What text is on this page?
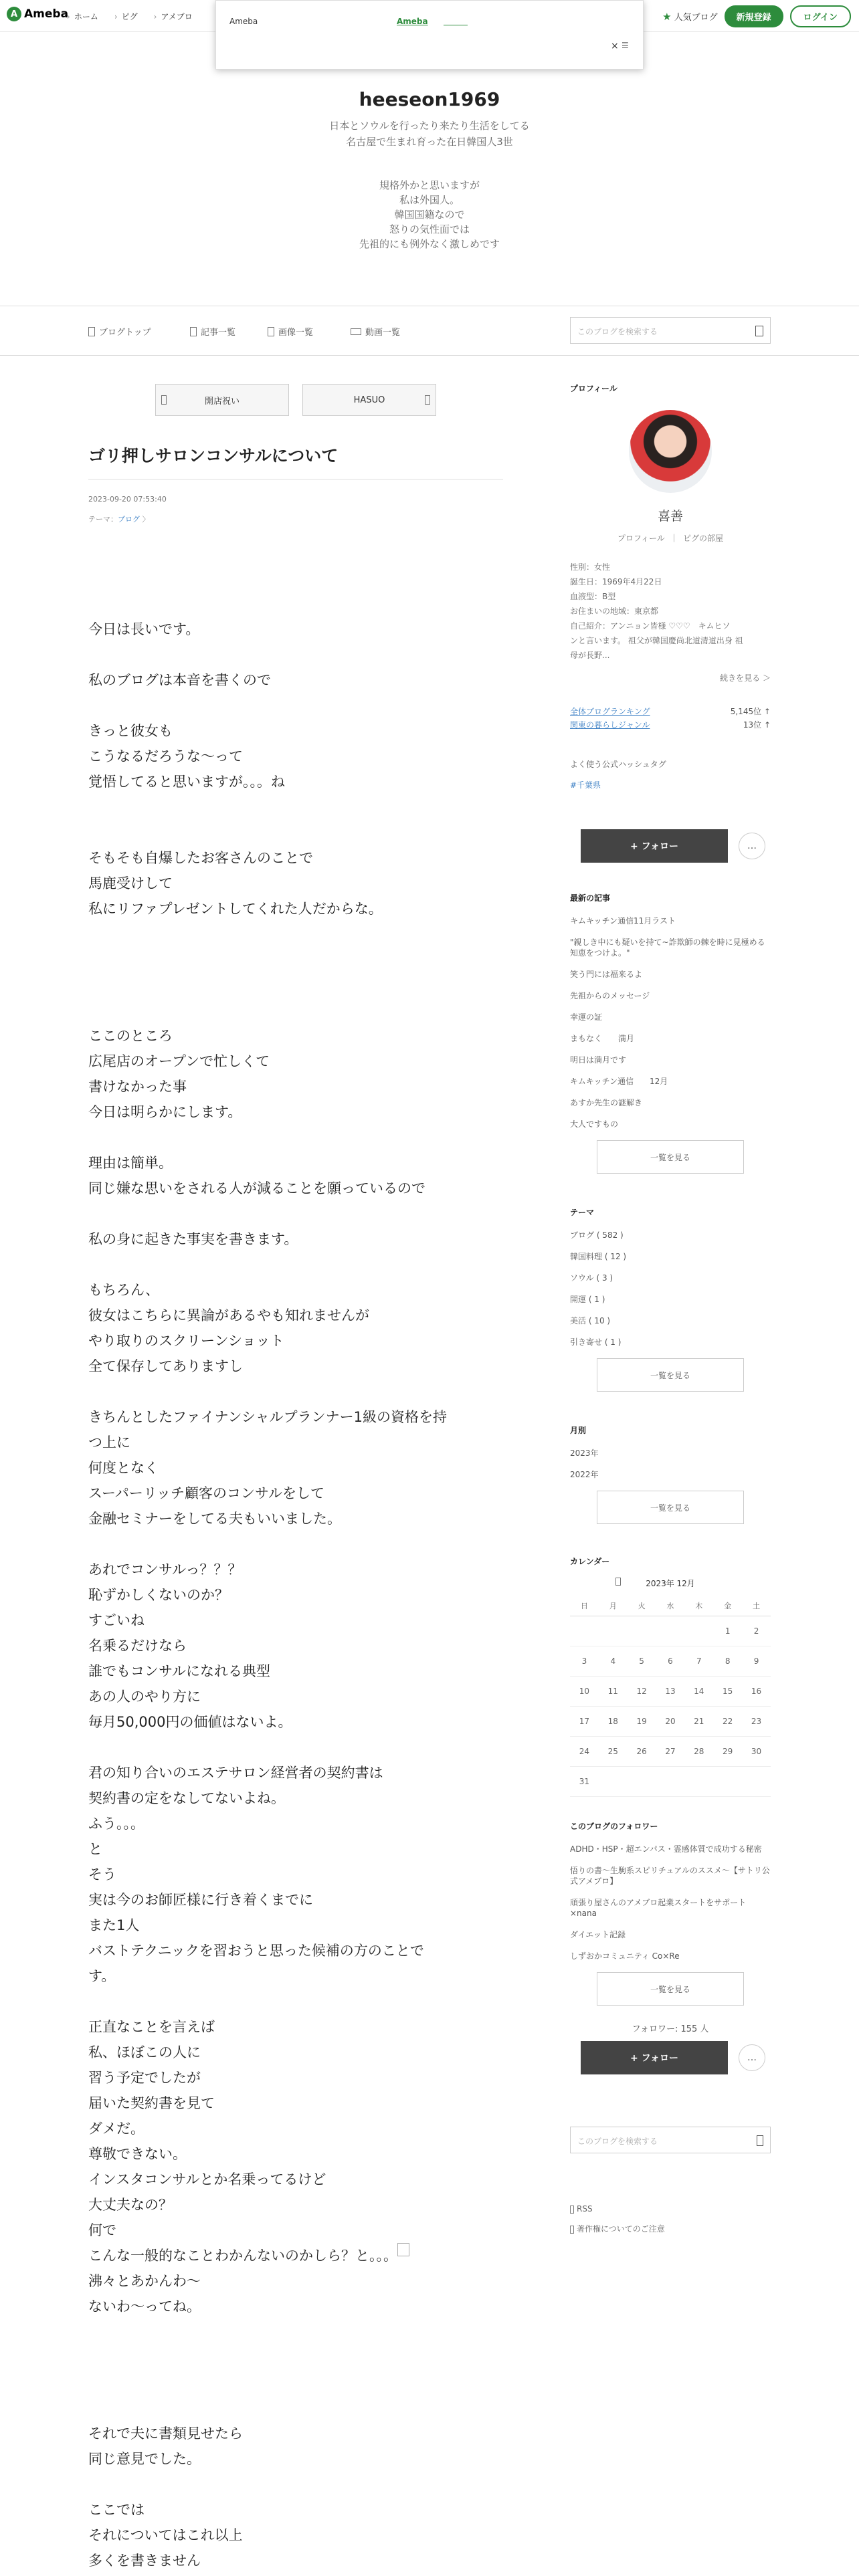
A Ameba › ホーム	› ピグ	› アメブロ	★ 人気ブログ	新規登録	ログイン
heeseon1969
日本とソウルを行ったり来たり生活をしてる
名古屋で生まれ育った在日韓国人3世
規格外かと思いますが
私は外国人。
韓国国籍なので
怒りの気性面では
先祖的にも例外なく激しめです
Ameba	Ameba
× ☰
ブログトップ	記事一覧	画像一覧	動画一覧	このブログを検索する
開店祝い	HASUO
ゴリ押しサロンコンサルについて
2023-09-20 07:53:40
テーマ：ブログ 〉
今日は長いです。
私のブログは本音を書くので
きっと彼女も
こうなるだろうな〜って
覚悟してると思いますが。。。ね
そもそも自爆したお客さんのことで
馬鹿受けして
私にリファプレゼントしてくれた人だからな。
ここのところ
広尾店のオープンで忙しくて
書けなかった事
今日は明らかにします。
理由は簡単。
同じ嫌な思いをされる人が減ることを願っているので
私の身に起きた事実を書きます。
もちろん、
彼女はこちらに異論があるやも知れませんが
やり取りのスクリーンショット
全て保存してありますし
きちんとしたファイナンシャルプランナー1級の資格を持
つ上に
何度となく
スーパーリッチ顧客のコンサルをして
金融セミナーをしてる夫もいいました。
あれでコンサルっ？？？
恥ずかしくないのか？
すごいね
名乗るだけなら
誰でもコンサルになれる典型
あの人のやり方に
毎月50,000円の価値はないよ。
君の知り合いのエステサロン経営者の契約書は
契約書の定をなしてないよね。
ふう。。。
と
そう
実は今のお師匠様に行き着くまでに
また1人
バストテクニックを習おうと思った候補の方のことで
す。
正直なことを言えば
私、ほぼこの人に
習う予定でしたが
届いた契約書を見て
ダメだ。
尊敬できない。
インスタコンサルとか名乗ってるけど
大丈夫なの？
何で
こんな一般的なことわかんないのかしら？と。。。
沸々とあかんわ〜
ないわ〜ってね。
それで夫に書類見せたら
同じ意見でした。
ここでは
それについてはこれ以上
多くを書きません
プロフィール
喜善
プロフィール  ｜  ピグの部屋
性別：女性
誕生日：1969年4月22日
血液型：B型
お住まいの地域：東京都
自己紹介：アンニョン皆様 ♡♡♡　キムヒソ
ンと言います。 祖父が韓国慶尚北道清道出身 祖
母が長野...
続きを見る ＞
全体ブログランキング	5,145位 ↑
関東の暮らしジャンル	13位 ↑
よく使う公式ハッシュタグ
#千葉県
+ フォロー	…
最新の記事
キムキッチン通信11月ラスト
"親しき中にも疑いを持て~詐欺師の棘を時に見極める知恵をつけよ。"
笑う門には福来るよ
先祖からのメッセージ
幸運の証
まもなく　　満月
明日は満月です
キムキッチン通信　　12月
あすか先生の謎解き
大人ですもの
一覧を見る
テーマ
ブログ ( 582 )
韓国料理 ( 12 )
ソウル ( 3 )
開運 ( 1 )
美活 ( 10 )
引き寄せ ( 1 )
一覧を見る
月別
2023年
2022年
一覧を見る
カレンダー
2023年 12月
日	月	火	水	木	金	土
					1	2
3	4	5	6	7	8	9
10	11	12	13	14	15	16
17	18	19	20	21	22	23
24	25	26	27	28	29	30
31						
このブログのフォロワー
ADHD・HSP・超エンパス・霊感体質で成功する秘密
悟りの書〜生駒系スピリチュアルのススメ〜【サトリ公式アメブロ】
頑張り屋さんのアメブロ起業スタートをサポート ×nana
ダイエット記録
しずおかコミュニティ Co×Re
一覧を見る
フォロワー: 155 人
+ フォロー	…
このブログを検索する
RSS
著作権についてのご注意
